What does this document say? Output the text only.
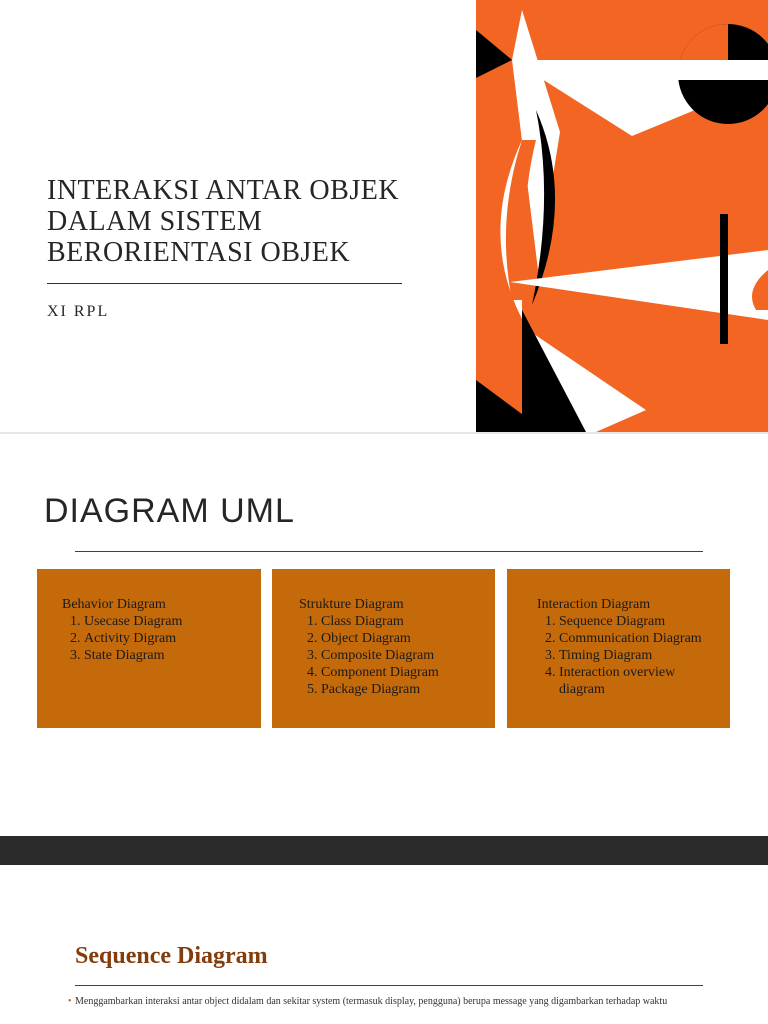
INTERAKSI ANTAR OBJEK DALAM SISTEM BERORIENTASI OBJEK
XI RPL
DIAGRAM UML

Behavior Diagram

1. Usecase Diagram
2. Activity Digram
3. State Diagram

Strukture Diagram

1. Class Diagram
2. Object Diagram
3. Composite Diagram
4. Component Diagram
5. Package Diagram

Interaction Diagram

1. Sequence Diagram
2. Communication Diagram
3. Timing Diagram
4. Interaction overview diagram
Sequence Diagram
• Menggambarkan interaksi antar object didalam dan sekitar system (termasuk display, pengguna) berupa message yang digambarkan terhadap waktu
